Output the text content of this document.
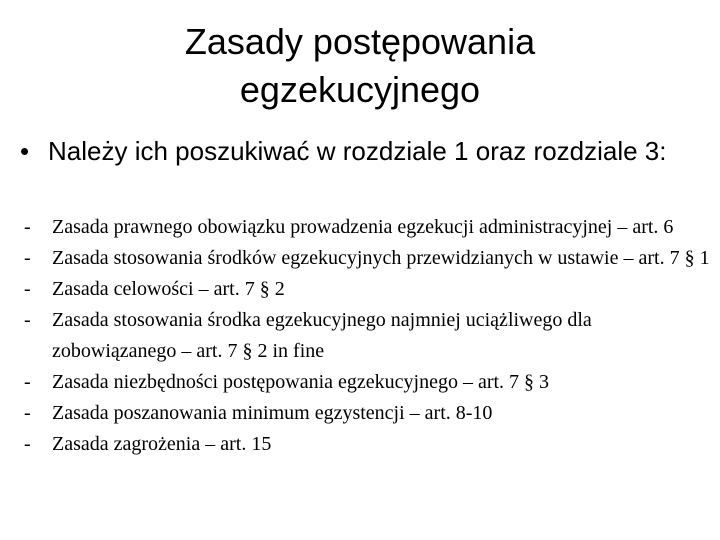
Zasady postępowania
egzekucyjnego
• Należy ich poszukiwać w rozdziale 1 oraz rozdziale 3:
-	Zasada prawnego obowiązku prowadzenia egzekucji administracyjnej – art. 6
-	Zasada stosowania środków egzekucyjnych przewidzianych w ustawie – art. 7 § 1
-	Zasada celowości – art. 7 § 2
-	Zasada stosowania środka egzekucyjnego najmniej uciążliwego dla zobowiązanego – art. 7 § 2 in fine
-	Zasada niezbędności postępowania egzekucyjnego – art. 7 § 3
-	Zasada poszanowania minimum egzystencji – art. 8-10
-	Zasada zagrożenia – art. 15
